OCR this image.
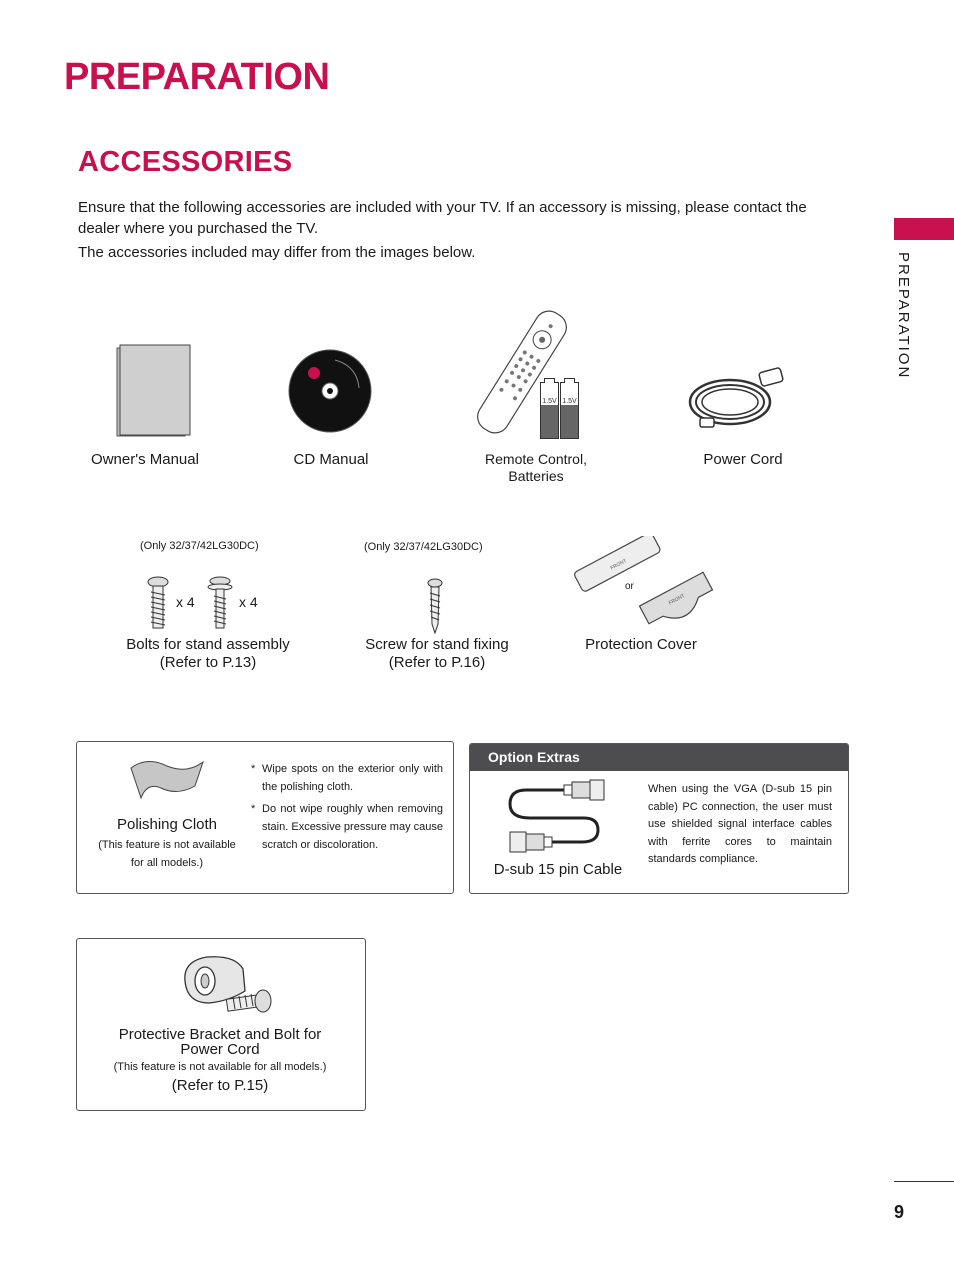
PREPARATION
ACCESSORIES

Ensure that the following accessories are included with your TV. If an accessory is missing, please contact the dealer where you purchased the TV.

The accessories included may differ from the images below.	PREPARATION
Owner's Manual	CD Manual
1.5V 1.5V
Remote Control,
Batteries
Power Cord
(Only 32/37/42LG30DC)
x 4	x 4
Bolts for stand assembly
(Refer to P.13)
(Only 32/37/42LG30DC)
Screw for stand fixing
(Refer to P.16)
FRONT
FRONT
or
Protection Cover
Polishing Cloth
(This feature is not available for all models.)
* Wipe spots on the exterior only with the polishing cloth.
* Do not wipe roughly when removing stain. Excessive pressure may cause scratch or discoloration.
Option Extras
D-sub 15 pin Cable
When using the VGA (D-sub 15 pin cable) PC connection, the user must use shielded signal interface cables with ferrite cores to maintain standards compliance.
Protective Bracket and Bolt for
Power Cord
(This feature is not available for all models.)
(Refer to P.15)
9
